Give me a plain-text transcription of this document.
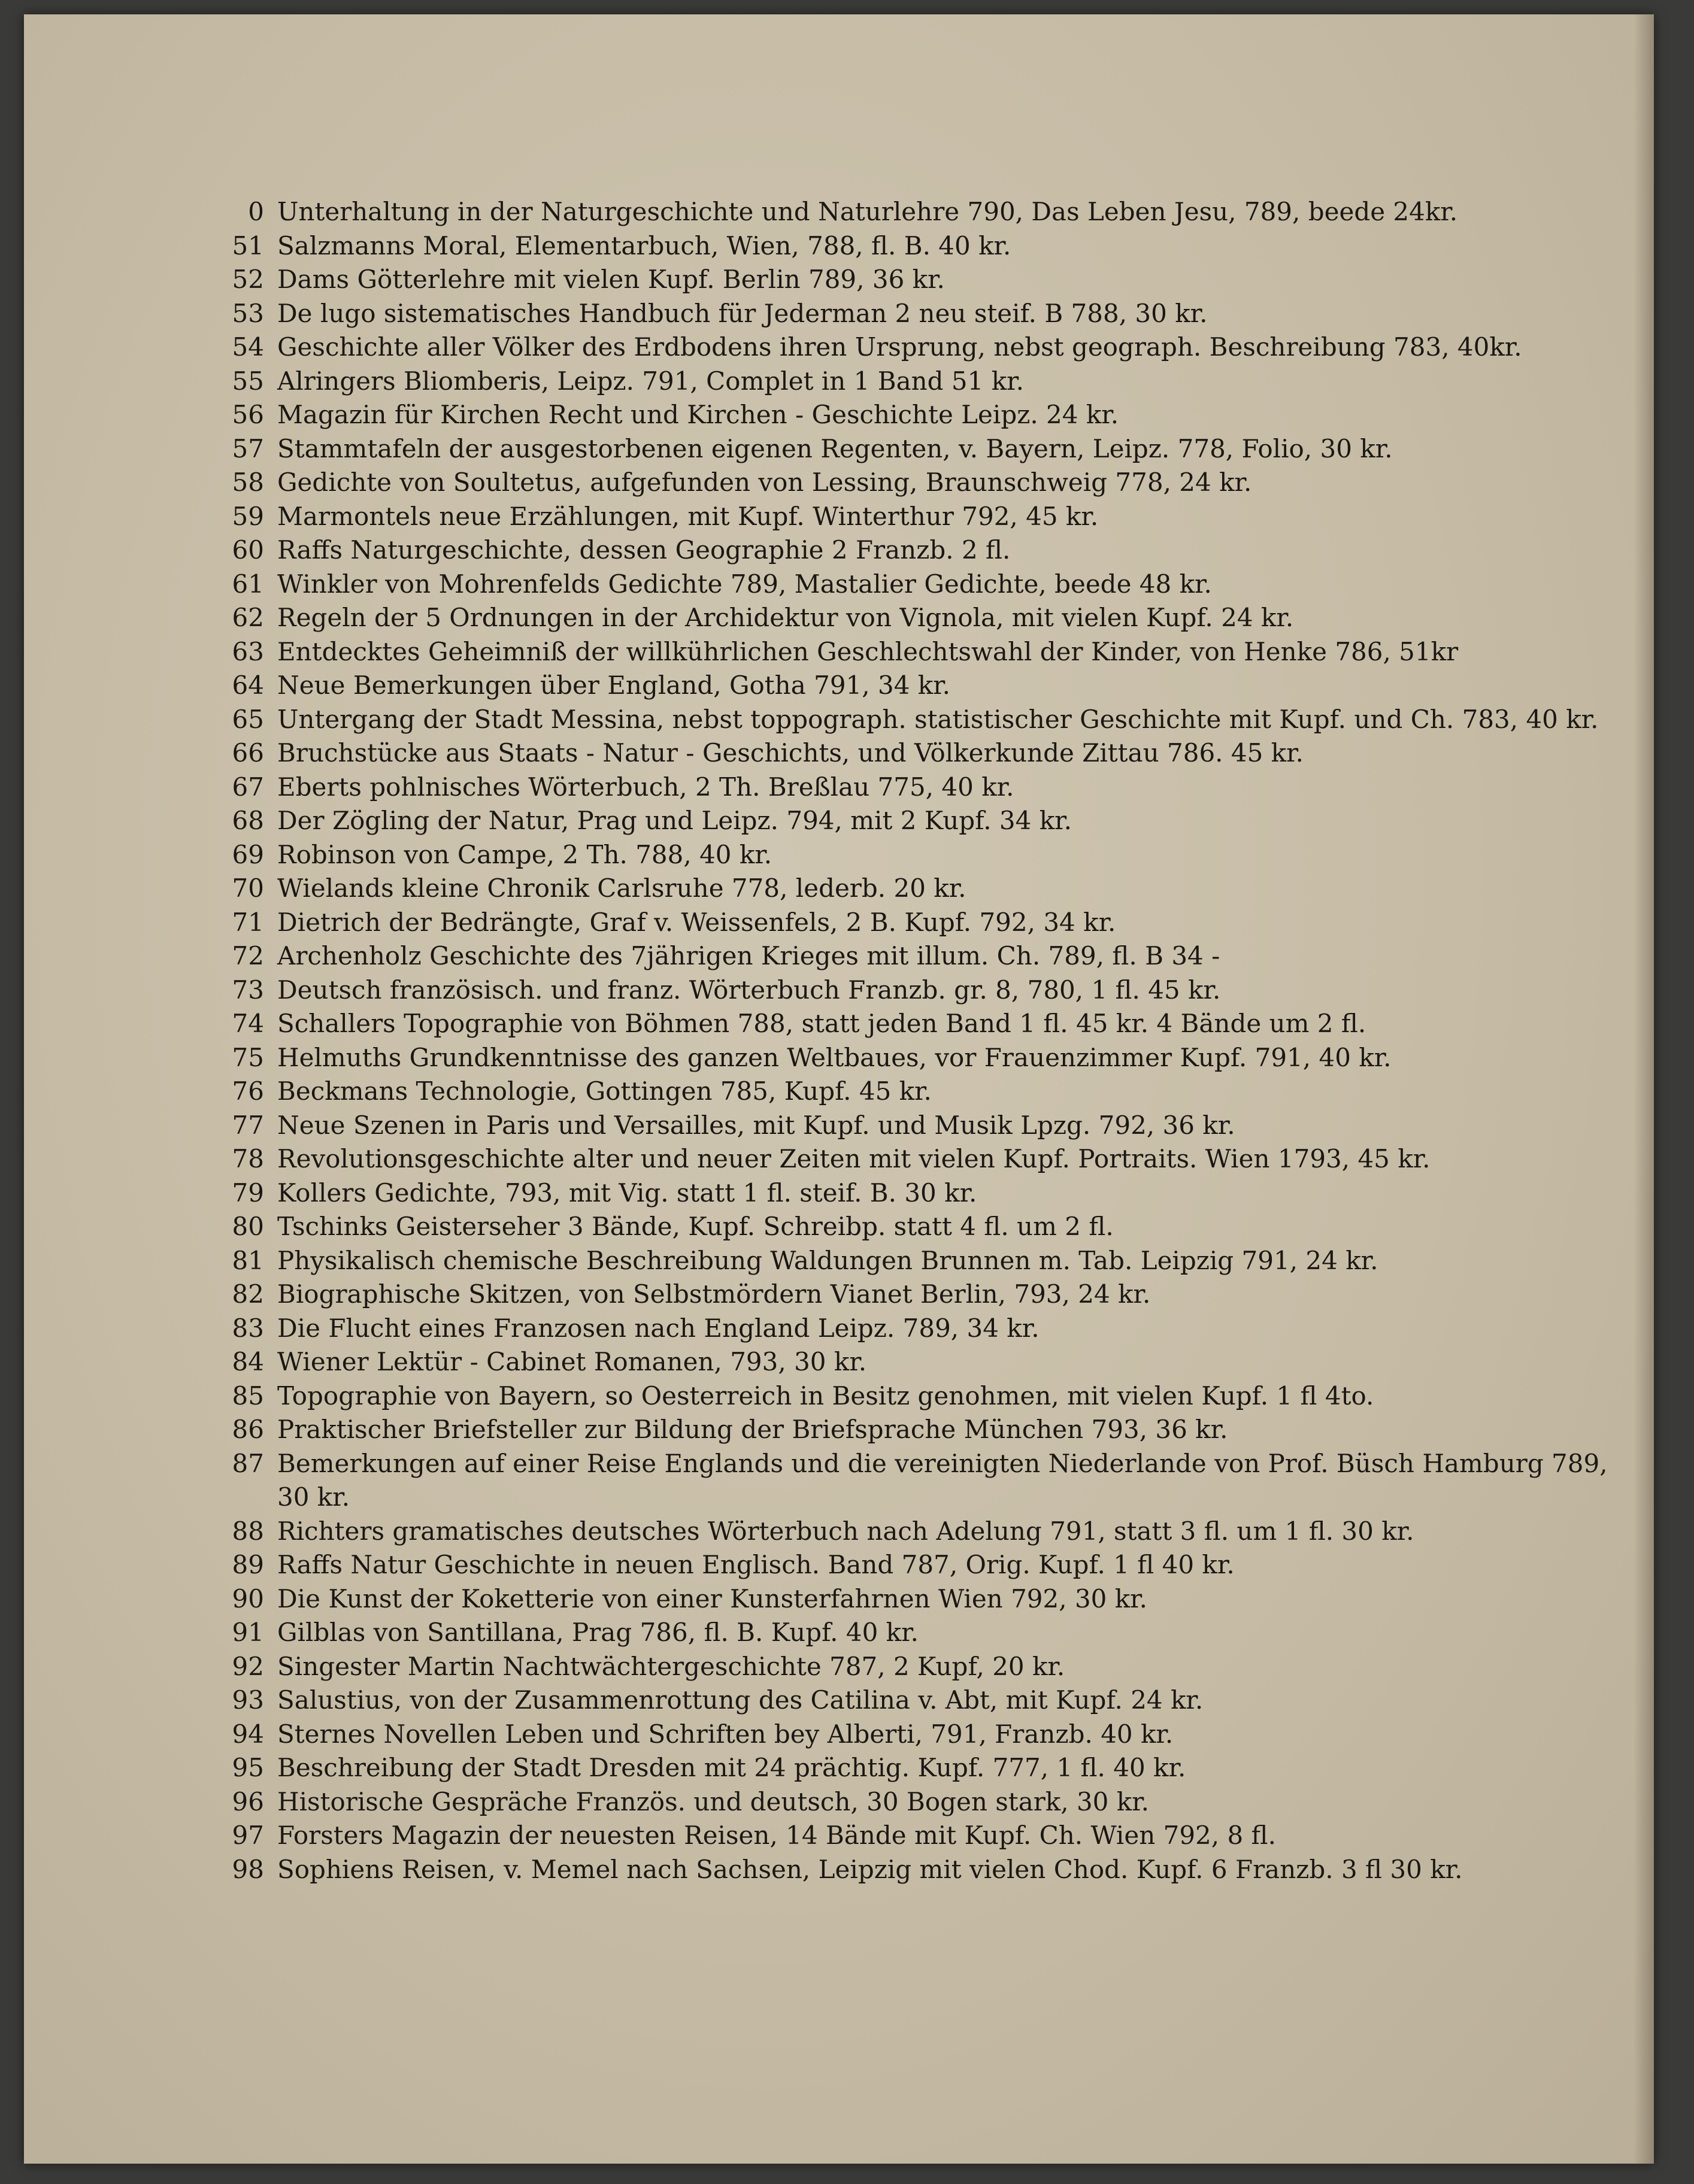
0 Unterhaltung in der Naturgeschichte und Naturlehre 790, Das Leben Jesu, 789, beede 24kr.
51 Salzmanns Moral, Elementarbuch, Wien, 788, fl. B. 40 kr.
52 Dams Götterlehre mit vielen Kupf. Berlin 789, 36 kr.
53 De lugo sistematisches Handbuch für Jederman 2 neu steif. B 788, 30 kr.
54 Geschichte aller Völker des Erdbodens ihren Ursprung, nebst geograph. Beschreibung 783, 40kr.
55 Alringers Bliomberis, Leipz. 791, Complet in 1 Band 51 kr.
56 Magazin für Kirchen Recht und Kirchen ‐ Geschichte Leipz. 24 kr.
57 Stammtafeln der ausgestorbenen eigenen Regenten, v. Bayern, Leipz. 778, Folio, 30 kr.
58 Gedichte von Soultetus, aufgefunden von Lessing, Braunschweig 778, 24 kr.
59 Marmontels neue Erzählungen, mit Kupf. Winterthur 792, 45 kr.
60 Raffs Naturgeschichte, dessen Geographie 2 Franzb. 2 fl.
61 Winkler von Mohrenfelds Gedichte 789, Mastalier Gedichte, beede 48 kr.
62 Regeln der 5 Ordnungen in der Archidektur von Vignola, mit vielen Kupf. 24 kr.
63 Entdecktes Geheimniß der willkührlichen Geschlechtswahl der Kinder, von Henke 786, 51kr
64 Neue Bemerkungen über England, Gotha 791, 34 kr.
65 Untergang der Stadt Messina, nebst toppograph. statistischer Geschichte mit Kupf. und Ch. 783, 40 kr.
66 Bruchstücke aus Staats ‐ Natur ‐ Geschichts, und Völkerkunde Zittau 786. 45 kr.
67 Eberts pohlnisches Wörterbuch, 2 Th. Breßlau 775, 40 kr.
68 Der Zögling der Natur, Prag und Leipz. 794, mit 2 Kupf. 34 kr.
69 Robinson von Campe, 2 Th. 788, 40 kr.
70 Wielands kleine Chronik Carlsruhe 778, lederb. 20 kr.
71 Dietrich der Bedrängte, Graf v. Weissenfels, 2 B. Kupf. 792, 34 kr.
72 Archenholz Geschichte des 7jährigen Krieges mit illum. Ch. 789, fl. B 34 ‐
73 Deutsch französisch. und franz. Wörterbuch Franzb. gr. 8, 780, 1 fl. 45 kr.
74 Schallers Topographie von Böhmen 788, statt jeden Band 1 fl. 45 kr. 4 Bände um 2 fl.
75 Helmuths Grundkenntnisse des ganzen Weltbaues, vor Frauenzimmer Kupf. 791, 40 kr.
76 Beckmans Technologie, Gottingen 785, Kupf. 45 kr.
77 Neue Szenen in Paris und Versailles, mit Kupf. und Musik Lpzg. 792, 36 kr.
78 Revolutionsgeschichte alter und neuer Zeiten mit vielen Kupf. Portraits. Wien 1793, 45 kr.
79 Kollers Gedichte, 793, mit Vig. statt 1 fl. steif. B. 30 kr.
80 Tschinks Geisterseher 3 Bände, Kupf. Schreibp. statt 4 fl. um 2 fl.
81 Physikalisch chemische Beschreibung Waldungen Brunnen m. Tab. Leipzig 791, 24 kr.
82 Biographische Skitzen, von Selbstmördern Vianet Berlin, 793, 24 kr.
83 Die Flucht eines Franzosen nach England Leipz. 789, 34 kr.
84 Wiener Lektür ‐ Cabinet Romanen, 793, 30 kr.
85 Topographie von Bayern, so Oesterreich in Besitz genohmen, mit vielen Kupf. 1 fl 4to.
86 Praktischer Briefsteller zur Bildung der Briefsprache München 793, 36 kr.
87 Bemerkungen auf einer Reise Englands und die vereinigten Niederlande von Prof. Büsch Hamburg 789, 30 kr.
88 Richters gramatisches deutsches Wörterbuch nach Adelung 791, statt 3 fl. um 1 fl. 30 kr.
89 Raffs Natur Geschichte in neuen Englisch. Band 787, Orig. Kupf. 1 fl 40 kr.
90 Die Kunst der Koketterie von einer Kunsterfahrnen Wien 792, 30 kr.
91 Gilblas von Santillana, Prag 786, fl. B. Kupf. 40 kr.
92 Singester Martin Nachtwächtergeschichte 787, 2 Kupf, 20 kr.
93 Salustius, von der Zusammenrottung des Catilina v. Abt, mit Kupf. 24 kr.
94 Sternes Novellen Leben und Schriften bey Alberti, 791, Franzb. 40 kr.
95 Beschreibung der Stadt Dresden mit 24 prächtig. Kupf. 777, 1 fl. 40 kr.
96 Historische Gespräche Französ. und deutsch, 30 Bogen stark, 30 kr.
97 Forsters Magazin der neuesten Reisen, 14 Bände mit Kupf. Ch. Wien 792, 8 fl.
98 Sophiens Reisen, v. Memel nach Sachsen, Leipzig mit vielen Chod. Kupf. 6 Franzb. 3 fl 30 kr.
